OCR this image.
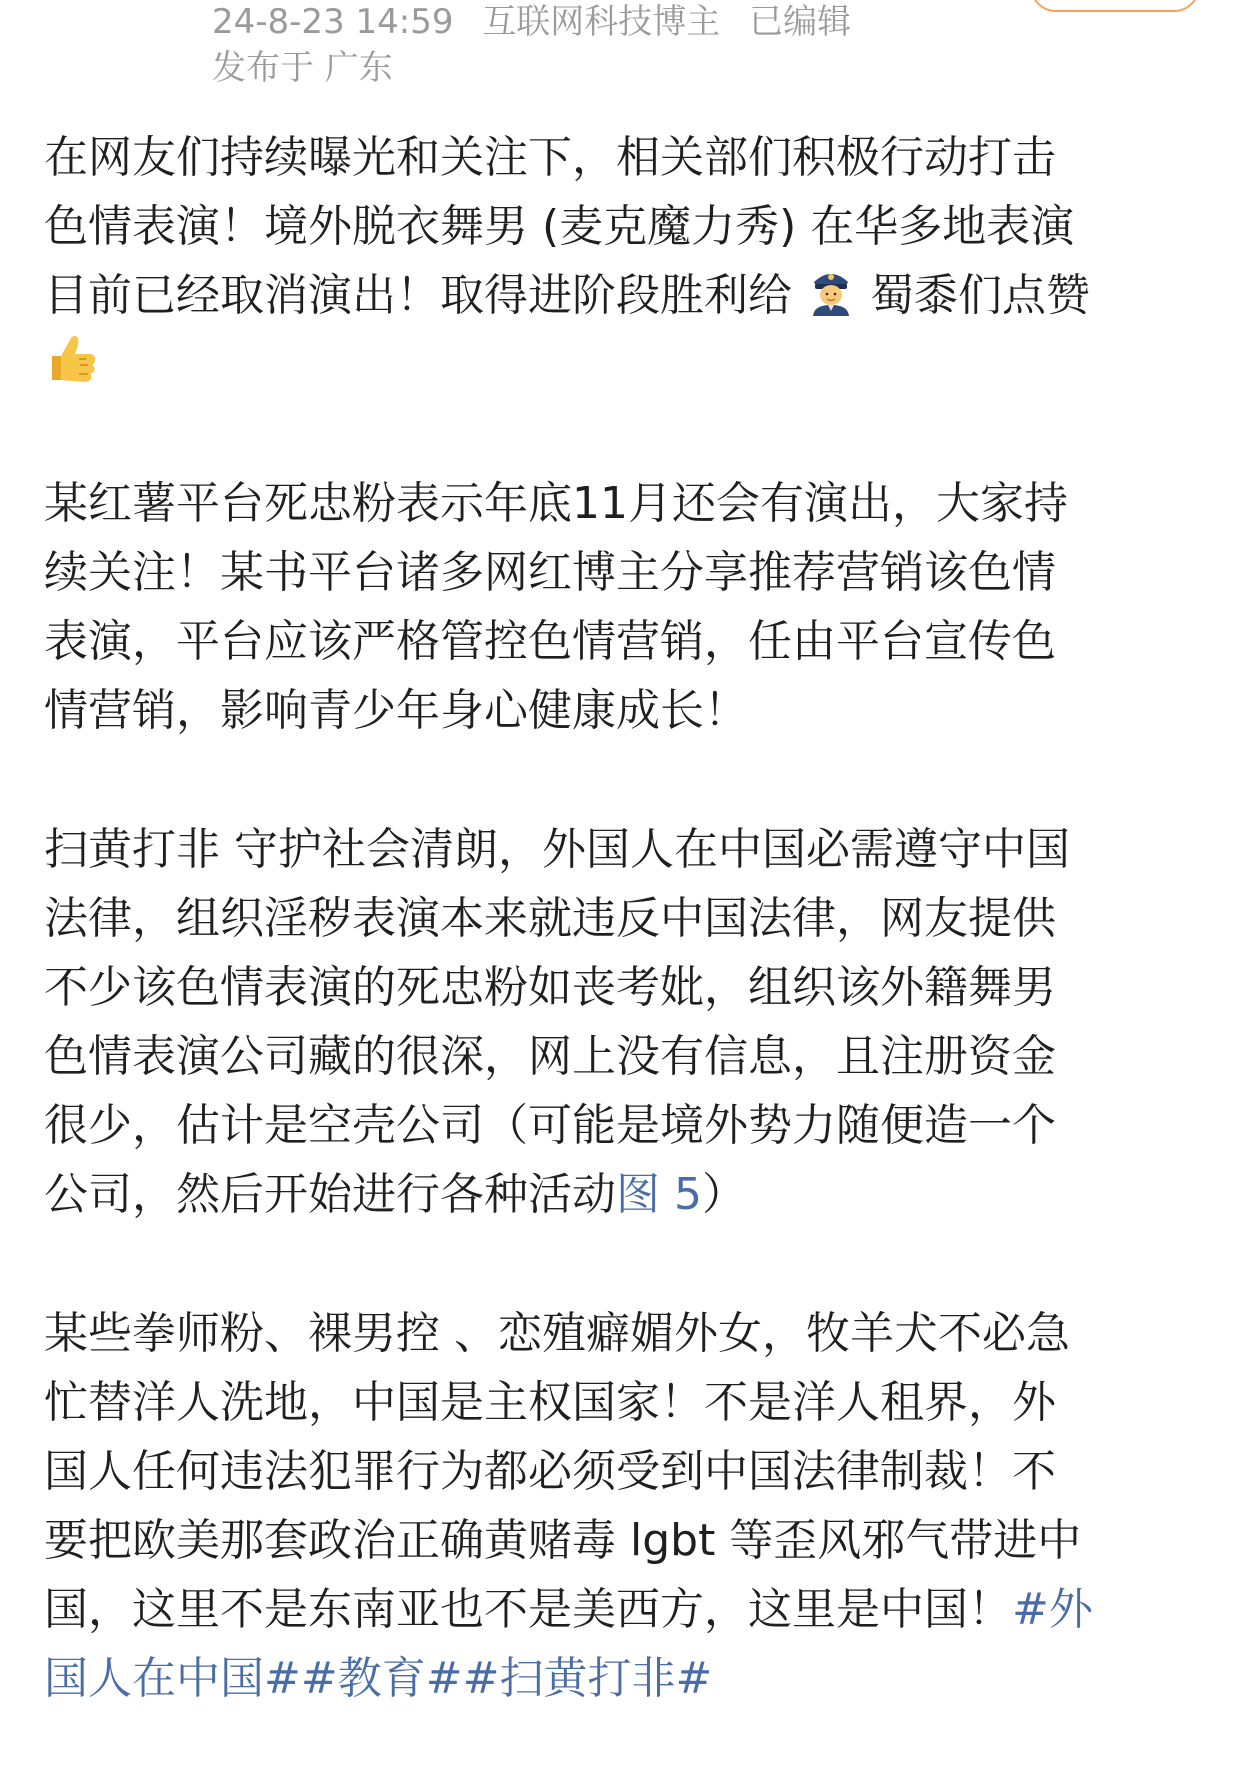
24-8-23 14:59 互联网科技博主 已编辑
发布于 广东
在网友们持续曝光和关注下，相关部们积极行动打击
色情表演！境外脱衣舞男 (麦克魔力秀) 在华多地表演
目前已经取消演出！取得进阶段胜利给 蜀黍们点赞
某红薯平台死忠粉表示年底11月还会有演出，大家持
续关注！某书平台诸多网红博主分享推荐营销该色情
表演，平台应该严格管控色情营销，任由平台宣传色
情营销，影响青少年身心健康成长！
扫黄打非 守护社会清朗，外国人在中国必需遵守中国
法律，组织淫秽表演本来就违反中国法律，网友提供
不少该色情表演的死忠粉如丧考妣，组织该外籍舞男
色情表演公司藏的很深，网上没有信息，且注册资金
很少，估计是空壳公司（可能是境外势力随便造一个
公司，然后开始进行各种活动图 5）
某些拳师粉、裸男控 、恋殖癖媚外女，牧羊犬不必急
忙替洋人洗地，中国是主权国家！不是洋人租界，外
国人任何违法犯罪行为都必须受到中国法律制裁！不
要把欧美那套政治正确黄赌毒 lgbt 等歪风邪气带进中
国，这里不是东南亚也不是美西方，这里是中国！#外
国人在中国##教育##扫黄打非#
